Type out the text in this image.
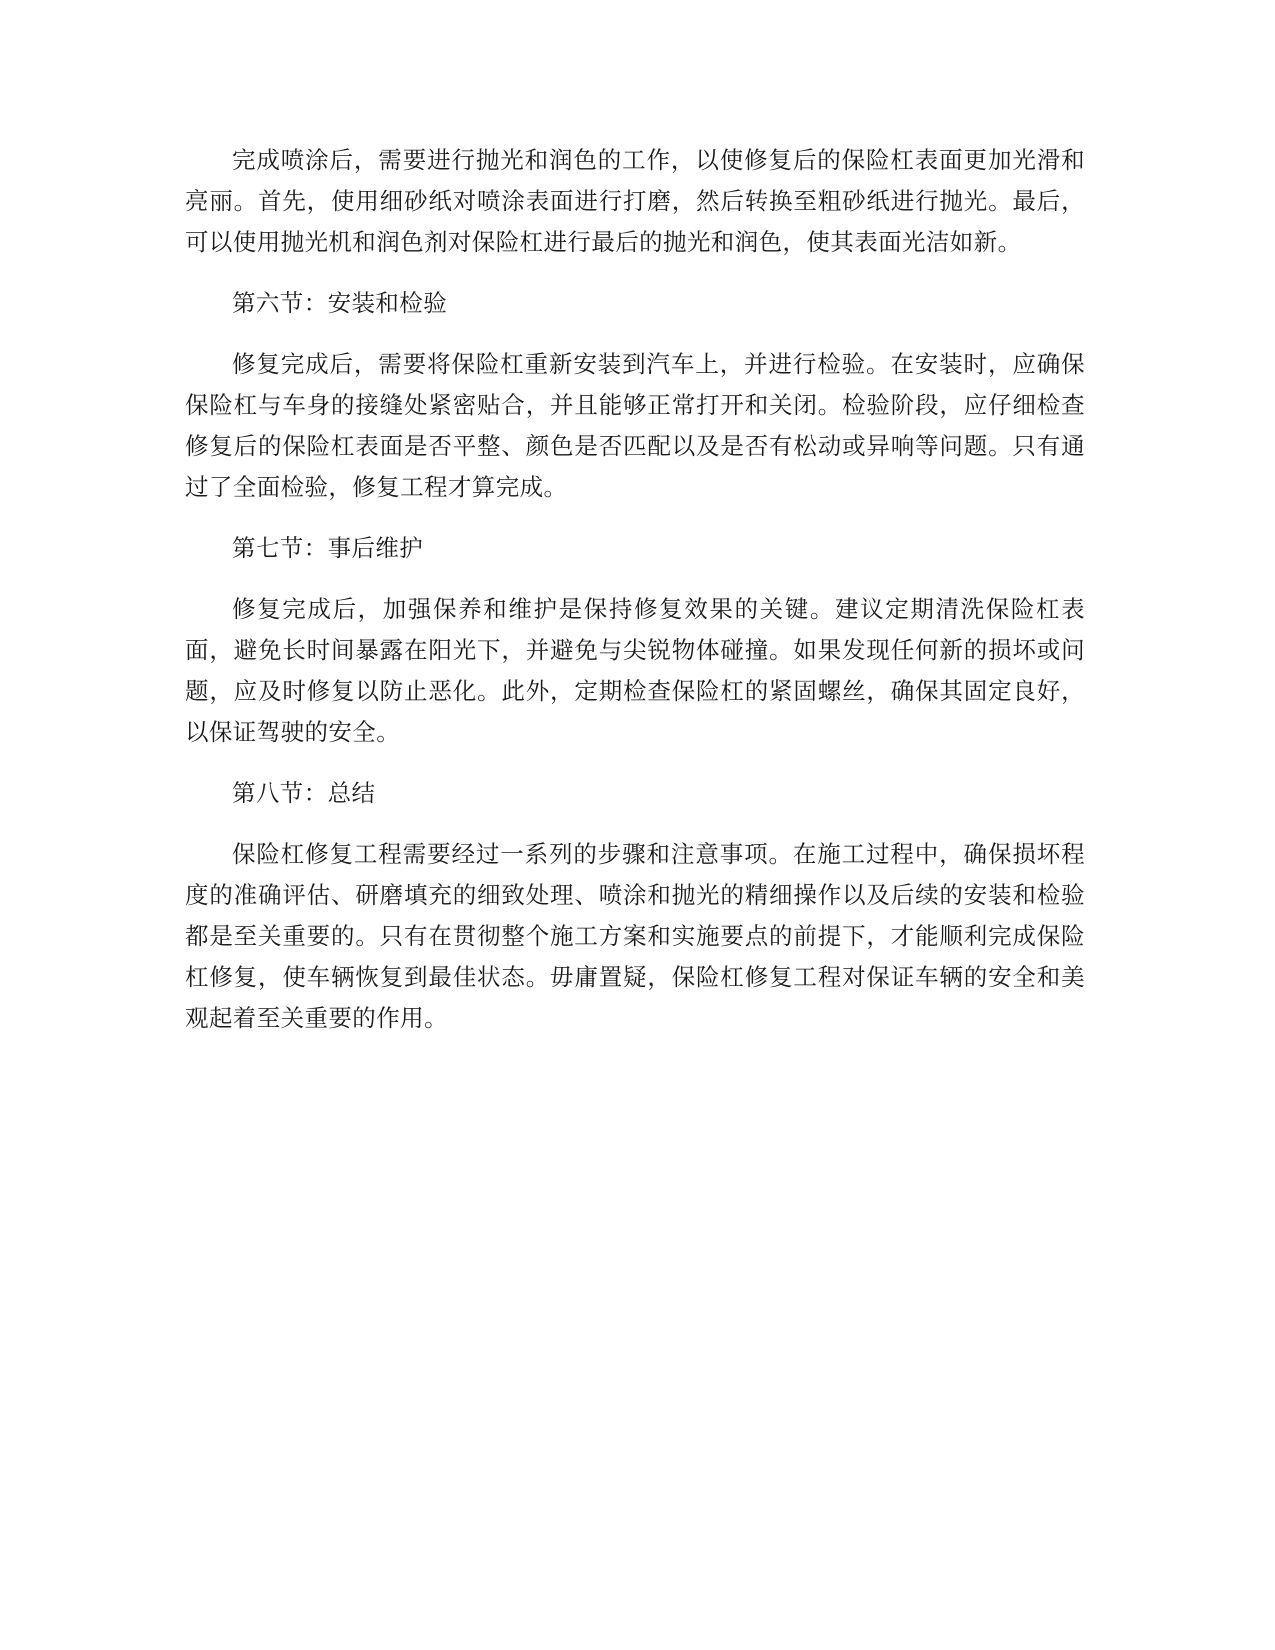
完成喷涂后，需要进行抛光和润色的工作，以使修复后的保险杠表面更加光滑和亮丽。首先，使用细砂纸对喷涂表面进行打磨，然后转换至粗砂纸进行抛光。最后，可以使用抛光机和润色剂对保险杠进行最后的抛光和润色，使其表面光洁如新。

第六节：安装和检验

修复完成后，需要将保险杠重新安装到汽车上，并进行检验。在安装时，应确保保险杠与车身的接缝处紧密贴合，并且能够正常打开和关闭。检验阶段，应仔细检查修复后的保险杠表面是否平整、颜色是否匹配以及是否有松动或异响等问题。只有通过了全面检验，修复工程才算完成。

第七节：事后维护

修复完成后，加强保养和维护是保持修复效果的关键。建议定期清洗保险杠表面，避免长时间暴露在阳光下，并避免与尖锐物体碰撞。如果发现任何新的损坏或问题，应及时修复以防止恶化。此外，定期检查保险杠的紧固螺丝，确保其固定良好，以保证驾驶的安全。

第八节：总结

保险杠修复工程需要经过一系列的步骤和注意事项。在施工过程中，确保损坏程度的准确评估、研磨填充的细致处理、喷涂和抛光的精细操作以及后续的安装和检验都是至关重要的。只有在贯彻整个施工方案和实施要点的前提下，才能顺利完成保险杠修复，使车辆恢复到最佳状态。毋庸置疑，保险杠修复工程对保证车辆的安全和美观起着至关重要的作用。
